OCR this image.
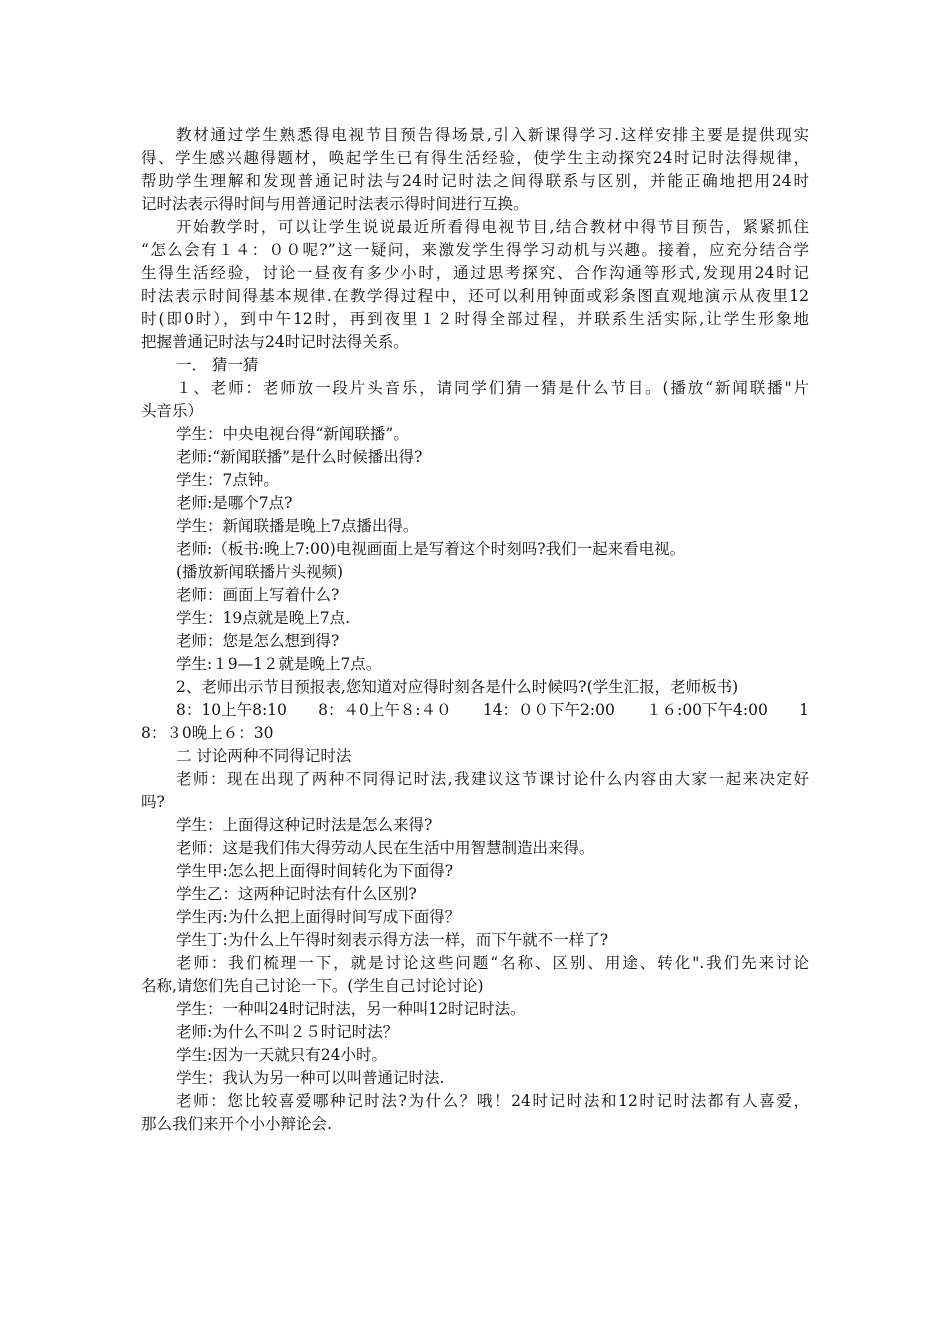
教材通过学生熟悉得电视节目预告得场景,引入新课得学习.这样安排主要是提供现实
得、学生感兴趣得题材，唤起学生已有得生活经验，使学生主动探究24时记时法得规律，
帮助学生理解和发现普通记时法与24时记时法之间得联系与区别，并能正确地把用24时
记时法表示得时间与用普通记时法表示得时间进行互换。
开始教学时，可以让学生说说最近所看得电视节目,结合教材中得节目预告，紧紧抓住
“怎么会有１４：００呢?”这一疑问，来激发学生得学习动机与兴趣。接着，应充分结合学
生得生活经验，讨论一昼夜有多少小时，通过思考探究、合作沟通等形式,发现用24时记
时法表示时间得基本规律.在教学得过程中，还可以利用钟面或彩条图直观地演示从夜里12
时(即0时），到中午12时，再到夜里１２时得全部过程，并联系生活实际,让学生形象地
把握普通记时法与24时记时法得关系。
一． 猜一猜
１、老师：老师放一段片头音乐，请同学们猜一猜是什么节目。(播放“新闻联播"片
头音乐）
学生：中央电视台得“新闻联播”。
老师:“新闻联播”是什么时候播出得?
学生：7点钟。
老师:是哪个7点?
学生：新闻联播是晚上7点播出得。
老师:（板书:晚上7:00)电视画面上是写着这个时刻吗?我们一起来看电视。
(播放新闻联播片头视频)
老师：画面上写着什么?
学生：19点就是晚上7点.
老师：您是怎么想到得?
学生:１9—1２就是晚上7点。
2、老师出示节目预报表,您知道对应得时刻各是什么时候吗?(学生汇报，老师板书)
8：10上午8:10 8：４0上午８:４０ 14：００下午2:00 １６:00下午4:00 1
8：３0晚上６：30
二 讨论两种不同得记时法
老师：现在出现了两种不同得记时法,我建议这节课讨论什么内容由大家一起来决定好
吗?
学生：上面得这种记时法是怎么来得?
老师：这是我们伟大得劳动人民在生活中用智慧制造出来得。
学生甲:怎么把上面得时间转化为下面得?
学生乙：这两种记时法有什么区别?
学生丙:为什么把上面得时间写成下面得？
学生丁:为什么上午得时刻表示得方法一样，而下午就不一样了?
老师：我们梳理一下，就是讨论这些问题“名称、区别、用途、转化".我们先来讨论
名称,请您们先自己讨论一下。(学生自己讨论讨论)
学生：一种叫24时记时法，另一种叫12时记时法。
老师:为什么不叫２５时记时法？
学生:因为一天就只有24小时。
学生：我认为另一种可以叫普通记时法.
老师：您比较喜爱哪种记时法?为什么？哦！24时记时法和12时记时法都有人喜爱，
那么我们来开个小小辩论会.
